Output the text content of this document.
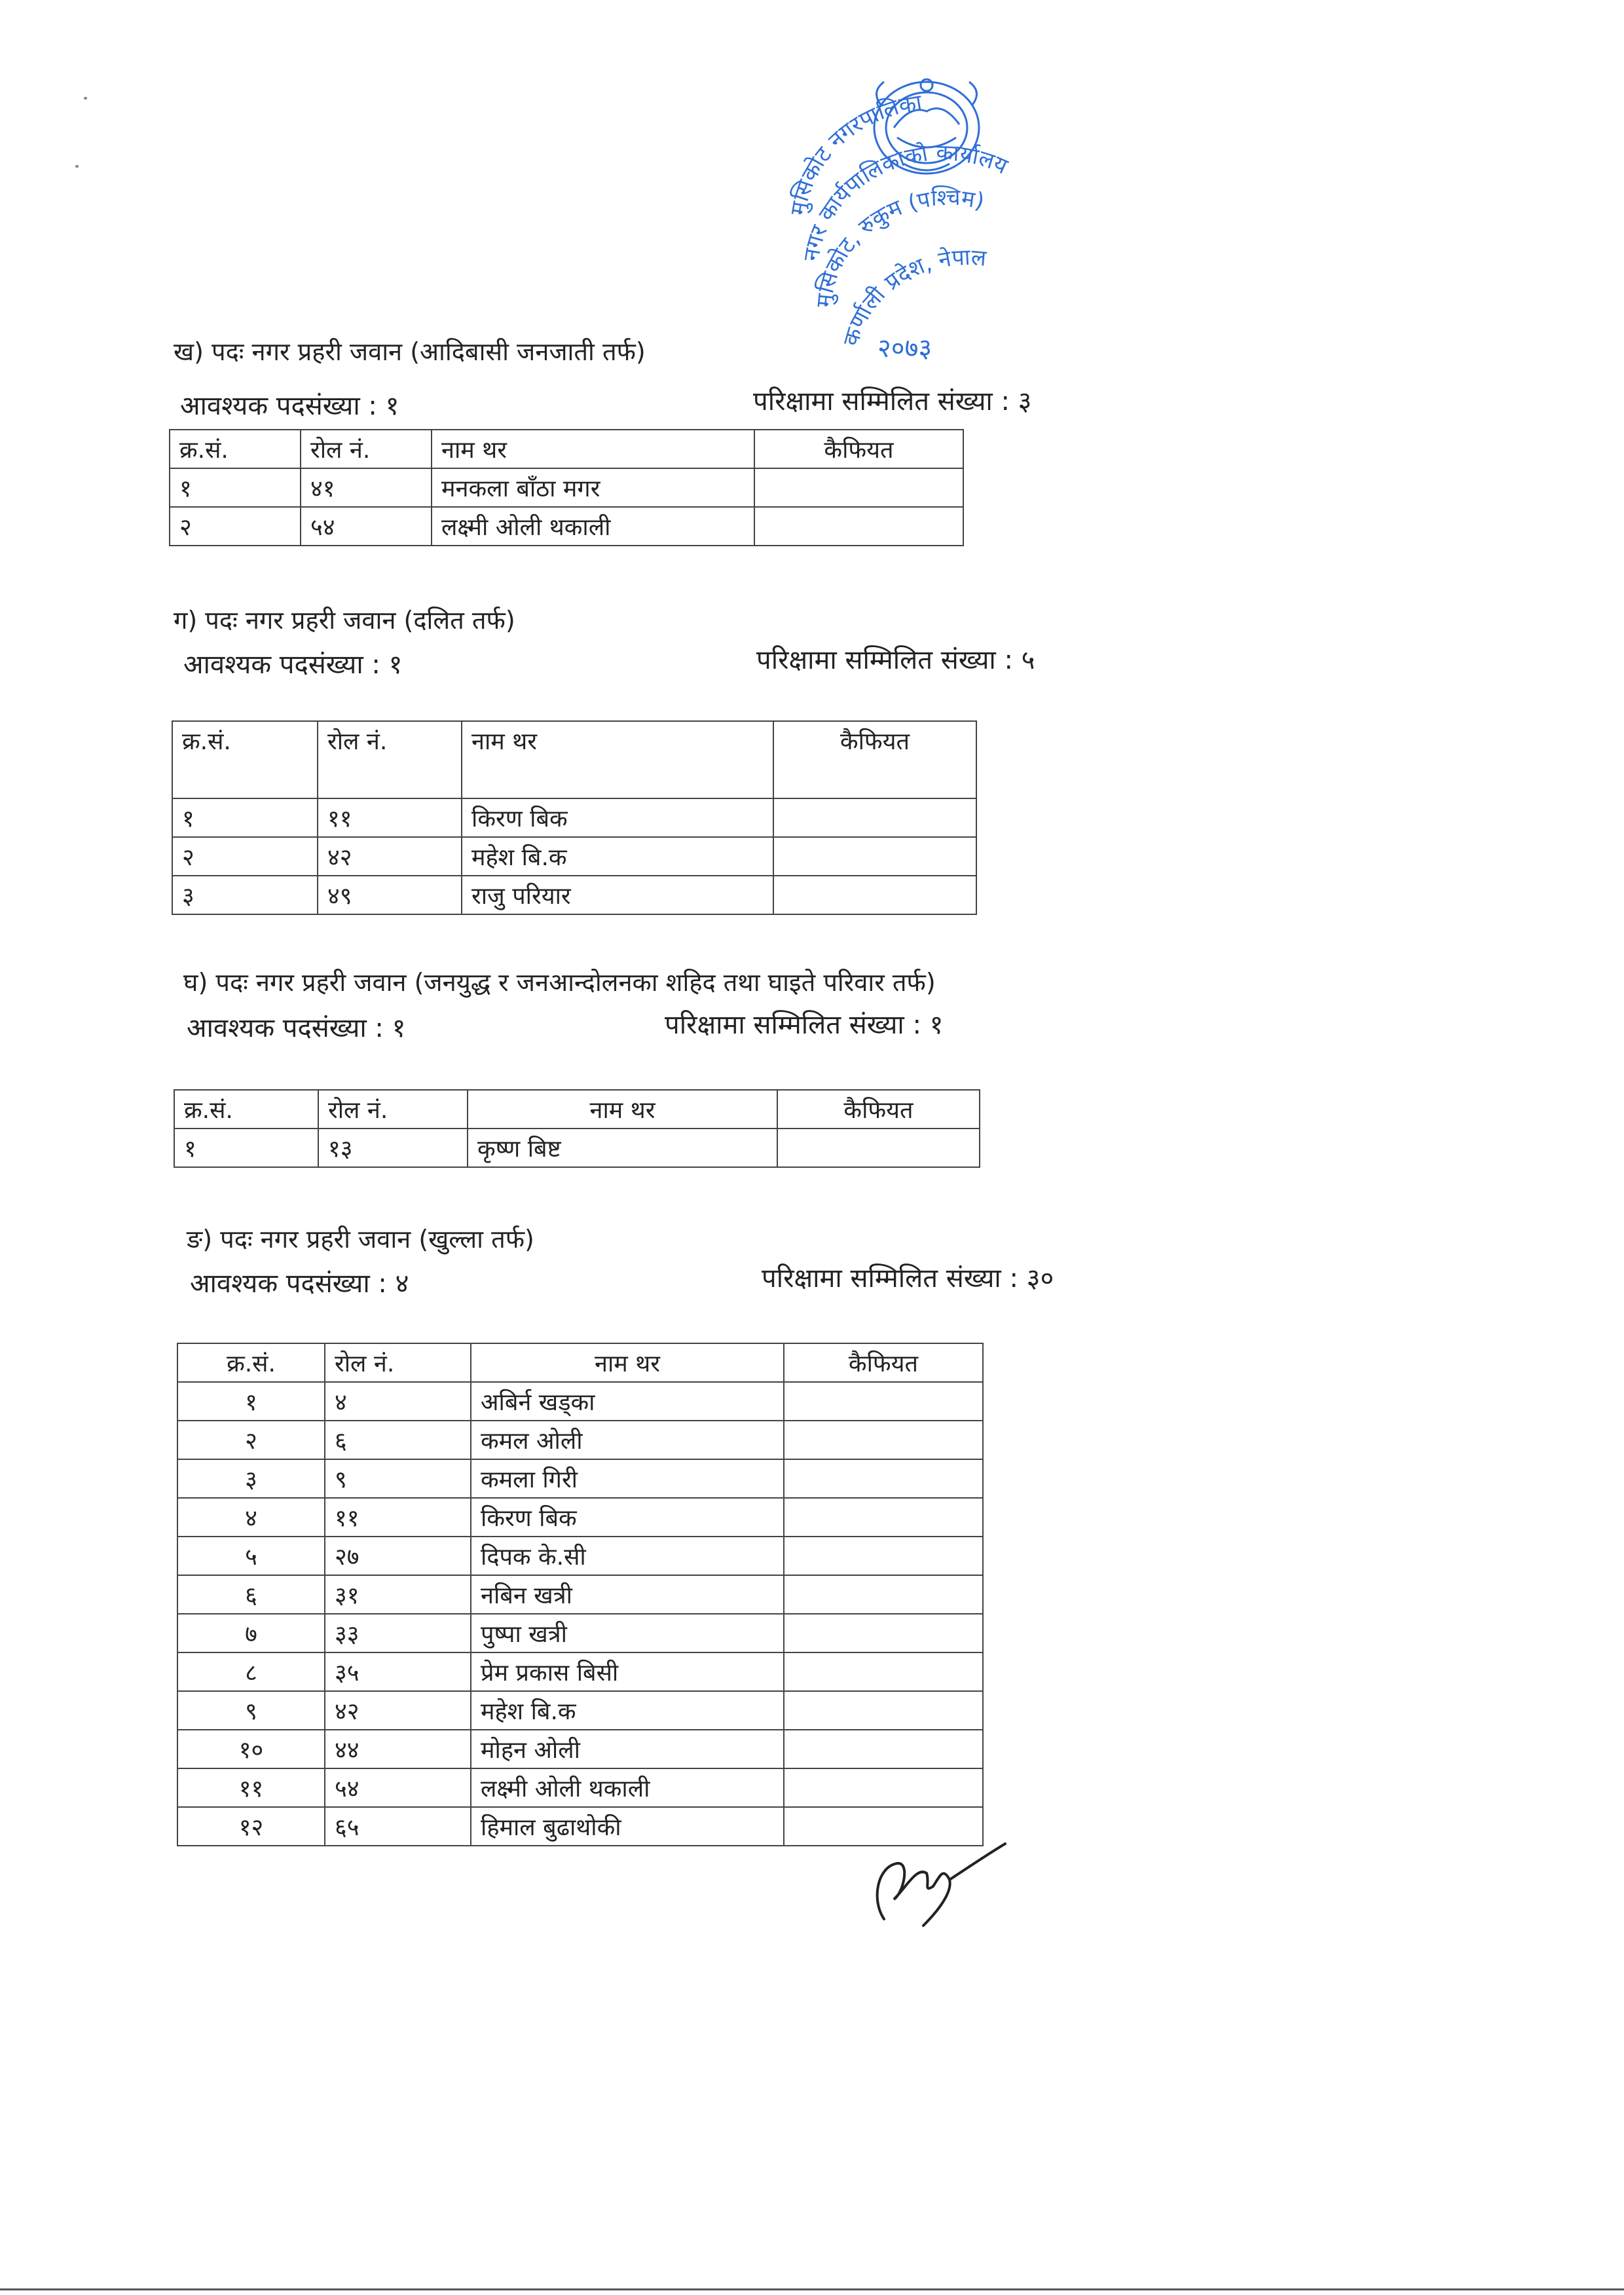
मुसिकोट नगरपालिका
नगर कार्यपालिकाको कार्यालय
मुसिकोट, रुकुम (पश्चिम)
कर्णाली प्रदेश, नेपाल
२०७३
ख) पदः नगर प्रहरी जवान (आदिबासी जनजाती तर्फ)
आवश्यक पदसंख्या : १	परिक्षामा सम्मिलित संख्या : ३
क्र.सं.	रोल नं.	नाम थर	कैफियत
१	४१	मनकला बाँठा मगर	
२	५४	लक्ष्मी ओली थकाली	
ग) पदः नगर प्रहरी जवान (दलित तर्फ)
आवश्यक पदसंख्या : १	परिक्षामा सम्मिलित संख्या : ५
क्र.सं.	रोल नं.	नाम थर	कैफियत
१	११	किरण बिक	
२	४२	महेश बि.क	
३	४९	राजु परियार	
घ) पदः नगर प्रहरी जवान (जनयुद्ध र जनआन्दोलनका शहिद तथा घाइते परिवार तर्फ)
आवश्यक पदसंख्या : १	परिक्षामा सम्मिलित संख्या : १
क्र.सं.	रोल नं.	नाम थर	कैफियत
१	१३	कृष्ण बिष्ट	
ङ) पदः नगर प्रहरी जवान (खुल्ला तर्फ)
आवश्यक पदसंख्या : ४	परिक्षामा सम्मिलित संख्या : ३०
क्र.सं.	रोल नं.	नाम थर	कैफियत
१	४	अबिर्न खड्का	
२	६	कमल ओली	
३	९	कमला गिरी	
४	११	किरण बिक	
५	२७	दिपक के.सी	
६	३१	नबिन खत्री	
७	३३	पुष्पा खत्री	
८	३५	प्रेम प्रकास बिसी	
९	४२	महेश बि.क	
१०	४४	मोहन ओली	
११	५४	लक्ष्मी ओली थकाली	
१२	६५	हिमाल बुढाथोकी	
